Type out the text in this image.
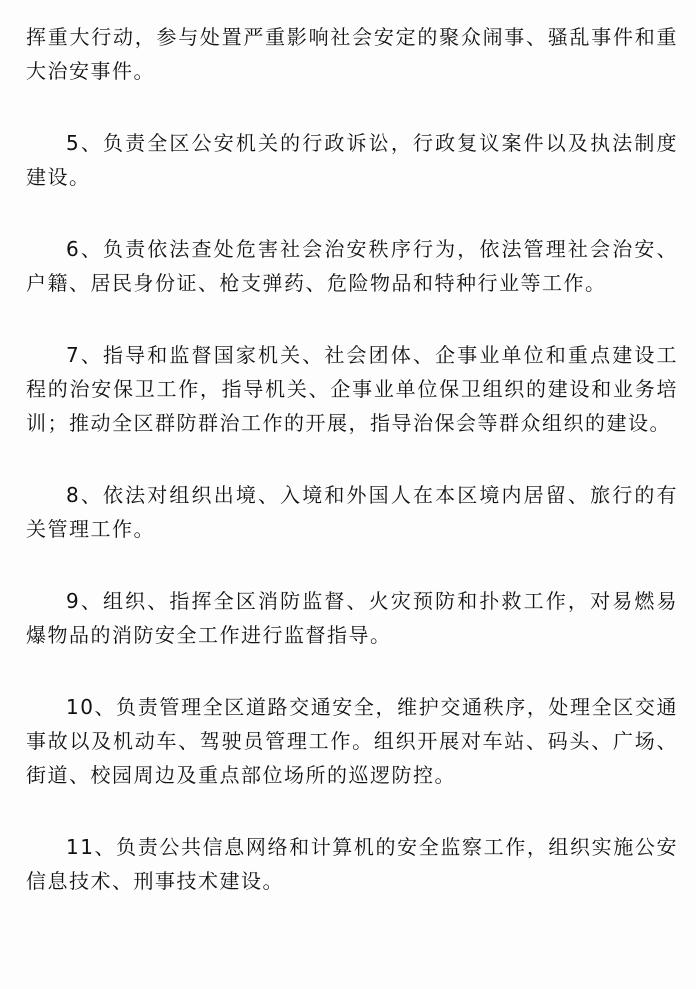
挥重大行动，参与处置严重影响社会安定的聚众闹事、骚乱事件和重大治安事件。

5、负责全区公安机关的行政诉讼，行政复议案件以及执法制度建设。

6、负责依法查处危害社会治安秩序行为，依法管理社会治安、户籍、居民身份证、枪支弹药、危险物品和特种行业等工作。

7、指导和监督国家机关、社会团体、企事业单位和重点建设工程的治安保卫工作，指导机关、企事业单位保卫组织的建设和业务培训；推动全区群防群治工作的开展，指导治保会等群众组织的建设。

8、依法对组织出境、入境和外国人在本区境内居留、旅行的有关管理工作。

9、组织、指挥全区消防监督、火灾预防和扑救工作，对易燃易爆物品的消防安全工作进行监督指导。

10、负责管理全区道路交通安全，维护交通秩序，处理全区交通事故以及机动车、驾驶员管理工作。组织开展对车站、码头、广场、街道、校园周边及重点部位场所的巡逻防控。

11、负责公共信息网络和计算机的安全监察工作，组织实施公安信息技术、刑事技术建设。
